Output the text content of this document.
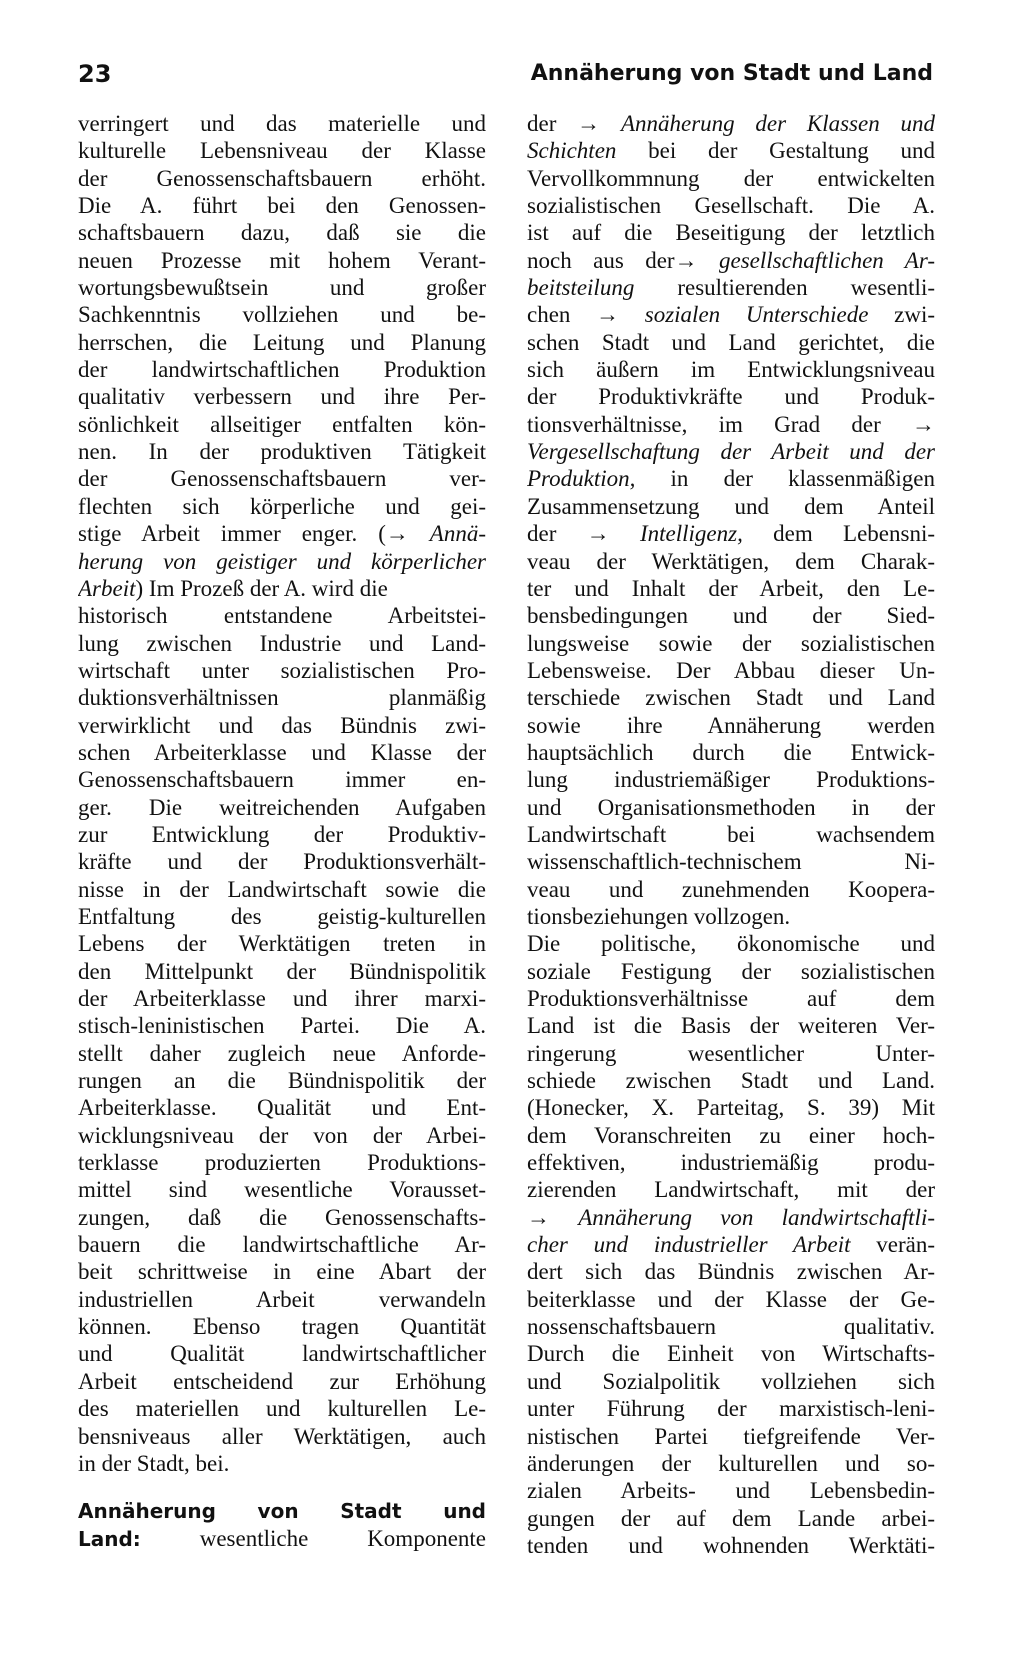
23	Annäherung von Stadt und Land
verringert und das materielle und
kulturelle Lebensniveau der Klasse
der Genossenschaftsbauern erhöht.
Die A. führt bei den Genossen-
schaftsbauern dazu, daß sie die
neuen Prozesse mit hohem Verant-
wortungsbewußtsein und großer
Sachkenntnis vollziehen und be-
herrschen, die Leitung und Planung
der landwirtschaftlichen Produktion
qualitativ verbessern und ihre Per-
sönlichkeit allseitiger entfalten kön-
nen. In der produktiven Tätigkeit
der Genossenschaftsbauern ver-
flechten sich körperliche und gei-
stige Arbeit immer enger. (→ Annä-
herung von geistiger und körperlicher
Arbeit) Im Prozeß der A. wird die
historisch entstandene Arbeitstei-
lung zwischen Industrie und Land-
wirtschaft unter sozialistischen Pro-
duktionsverhältnissen planmäßig
verwirklicht und das Bündnis zwi-
schen Arbeiterklasse und Klasse der
Genossenschaftsbauern immer en-
ger. Die weitreichenden Aufgaben
zur Entwicklung der Produktiv-
kräfte und der Produktionsverhält-
nisse in der Landwirtschaft sowie die
Entfaltung des geistig-kulturellen
Lebens der Werktätigen treten in
den Mittelpunkt der Bündnispolitik
der Arbeiterklasse und ihrer marxi-
stisch-leninistischen Partei. Die A.
stellt daher zugleich neue Anforde-
rungen an die Bündnispolitik der
Arbeiterklasse. Qualität und Ent-
wicklungsniveau der von der Arbei-
terklasse produzierten Produktions-
mittel sind wesentliche Vorausset-
zungen, daß die Genossenschafts-
bauern die landwirtschaftliche Ar-
beit schrittweise in eine Abart der
industriellen Arbeit verwandeln
können. Ebenso tragen Quantität
und Qualität landwirtschaftlicher
Arbeit entscheidend zur Erhöhung
des materiellen und kulturellen Le-
bensniveaus aller Werktätigen, auch
in der Stadt, bei.
Annäherung von Stadt und
Land: wesentliche Komponente
der → Annäherung der Klassen und
Schichten bei der Gestaltung und
Vervollkommnung der entwickelten
sozialistischen Gesellschaft. Die A.
ist auf die Beseitigung der letztlich
noch aus der→ gesellschaftlichen Ar-
beitsteilung resultierenden wesentli-
chen → sozialen Unterschiede zwi-
schen Stadt und Land gerichtet, die
sich äußern im Entwicklungsniveau
der Produktivkräfte und Produk-
tionsverhältnisse, im Grad der →
Vergesellschaftung der Arbeit und der
Produktion, in der klassenmäßigen
Zusammensetzung und dem Anteil
der → Intelligenz, dem Lebensni-
veau der Werktätigen, dem Charak-
ter und Inhalt der Arbeit, den Le-
bensbedingungen und der Sied-
lungsweise sowie der sozialistischen
Lebensweise. Der Abbau dieser Un-
terschiede zwischen Stadt und Land
sowie ihre Annäherung werden
hauptsächlich durch die Entwick-
lung industriemäßiger Produktions-
und Organisationsmethoden in der
Landwirtschaft bei wachsendem
wissenschaftlich-technischem Ni-
veau und zunehmenden Koopera-
tionsbeziehungen vollzogen.
Die politische, ökonomische und
soziale Festigung der sozialistischen
Produktionsverhältnisse auf dem
Land ist die Basis der weiteren Ver-
ringerung wesentlicher Unter-
schiede zwischen Stadt und Land.
(Honecker, X. Parteitag, S. 39) Mit
dem Voranschreiten zu einer hoch-
effektiven, industriemäßig produ-
zierenden Landwirtschaft, mit der
→ Annäherung von landwirtschaftli-
cher und industrieller Arbeit verän-
dert sich das Bündnis zwischen Ar-
beiterklasse und der Klasse der Ge-
nossenschaftsbauern qualitativ.
Durch die Einheit von Wirtschafts-
und Sozialpolitik vollziehen sich
unter Führung der marxistisch-leni-
nistischen Partei tiefgreifende Ver-
änderungen der kulturellen und so-
zialen Arbeits- und Lebensbedin-
gungen der auf dem Lande arbei-
tenden und wohnenden Werktäti-
